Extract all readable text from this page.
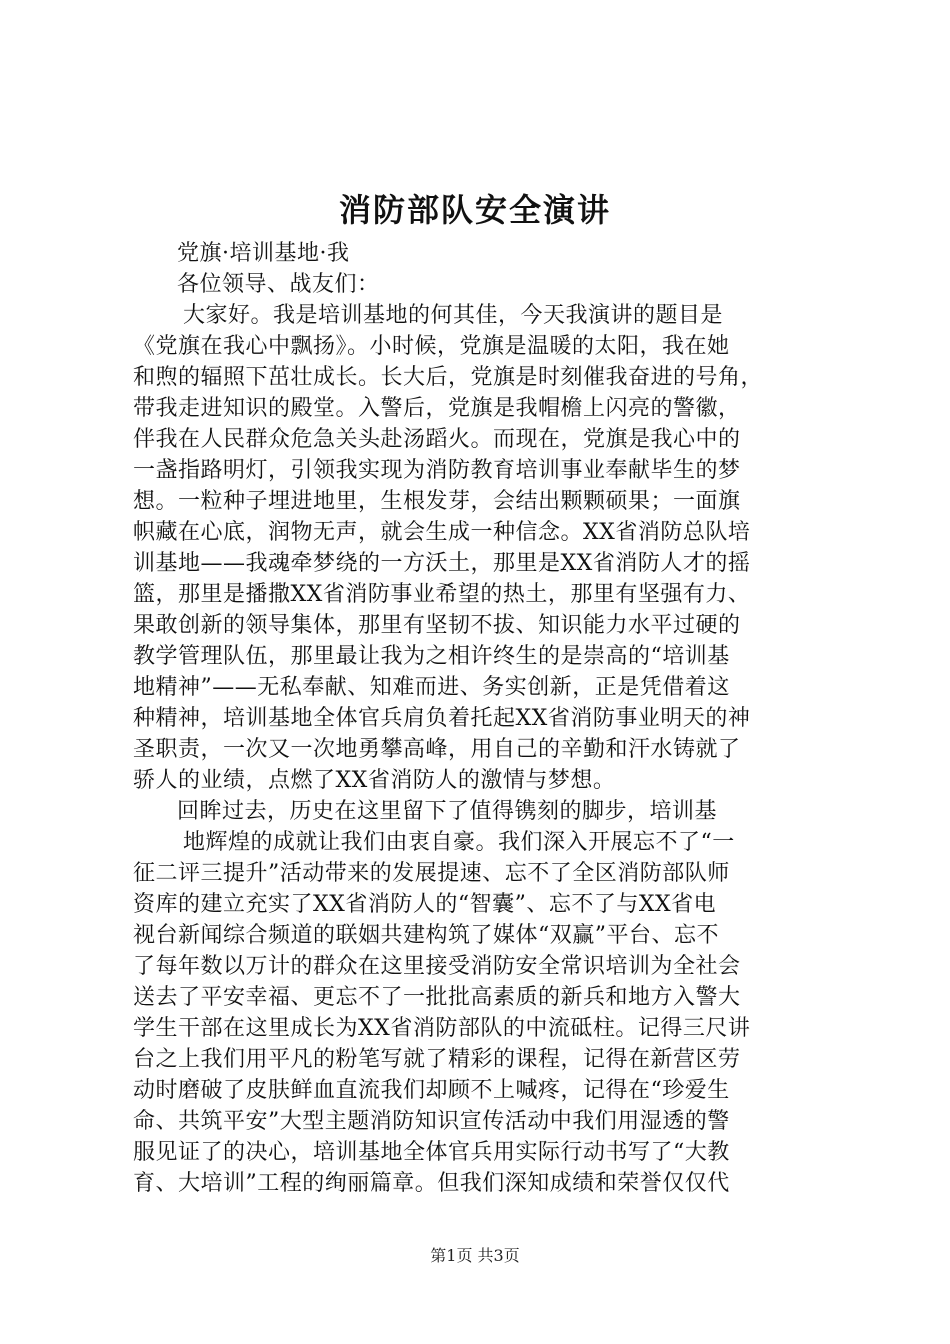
消防部队安全演讲
党旗·培训基地·我
各位领导、战友们：
大家好。我是培训基地的何其佳，今天我演讲的题目是
《党旗在我心中飘扬》。小时候，党旗是温暖的太阳，我在她
和煦的辐照下茁壮成长。长大后，党旗是时刻催我奋进的号角，
带我走进知识的殿堂。入警后，党旗是我帽檐上闪亮的警徽，
伴我在人民群众危急关头赴汤蹈火。而现在，党旗是我心中的
一盏指路明灯，引领我实现为消防教育培训事业奉献毕生的梦
想。一粒种子埋进地里，生根发芽，会结出颗颗硕果；一面旗
帜藏在心底，润物无声，就会生成一种信念。XX省消防总队培
训基地——我魂牵梦绕的一方沃土，那里是XX省消防人才的摇
篮，那里是播撒XX省消防事业希望的热土，那里有坚强有力、
果敢创新的领导集体，那里有坚韧不拔、知识能力水平过硬的
教学管理队伍，那里最让我为之相许终生的是崇高的“培训基
地精神”——无私奉献、知难而进、务实创新，正是凭借着这
种精神，培训基地全体官兵肩负着托起XX省消防事业明天的神
圣职责，一次又一次地勇攀高峰，用自己的辛勤和汗水铸就了
骄人的业绩，点燃了XX省消防人的激情与梦想。
回眸过去，历史在这里留下了值得镌刻的脚步，培训基
地辉煌的成就让我们由衷自豪。我们深入开展忘不了“一
征二评三提升”活动带来的发展提速、忘不了全区消防部队师
资库的建立充实了XX省消防人的“智囊”、忘不了与XX省电
视台新闻综合频道的联姻共建构筑了媒体“双赢”平台、忘不
了每年数以万计的群众在这里接受消防安全常识培训为全社会
送去了平安幸福、更忘不了一批批高素质的新兵和地方入警大
学生干部在这里成长为XX省消防部队的中流砥柱。记得三尺讲
台之上我们用平凡的粉笔写就了精彩的课程，记得在新营区劳
动时磨破了皮肤鲜血直流我们却顾不上喊疼，记得在“珍爱生
命、共筑平安”大型主题消防知识宣传活动中我们用湿透的警
服见证了的决心，培训基地全体官兵用实际行动书写了“大教
育、大培训”工程的绚丽篇章。但我们深知成绩和荣誉仅仅代
第1页 共3页
